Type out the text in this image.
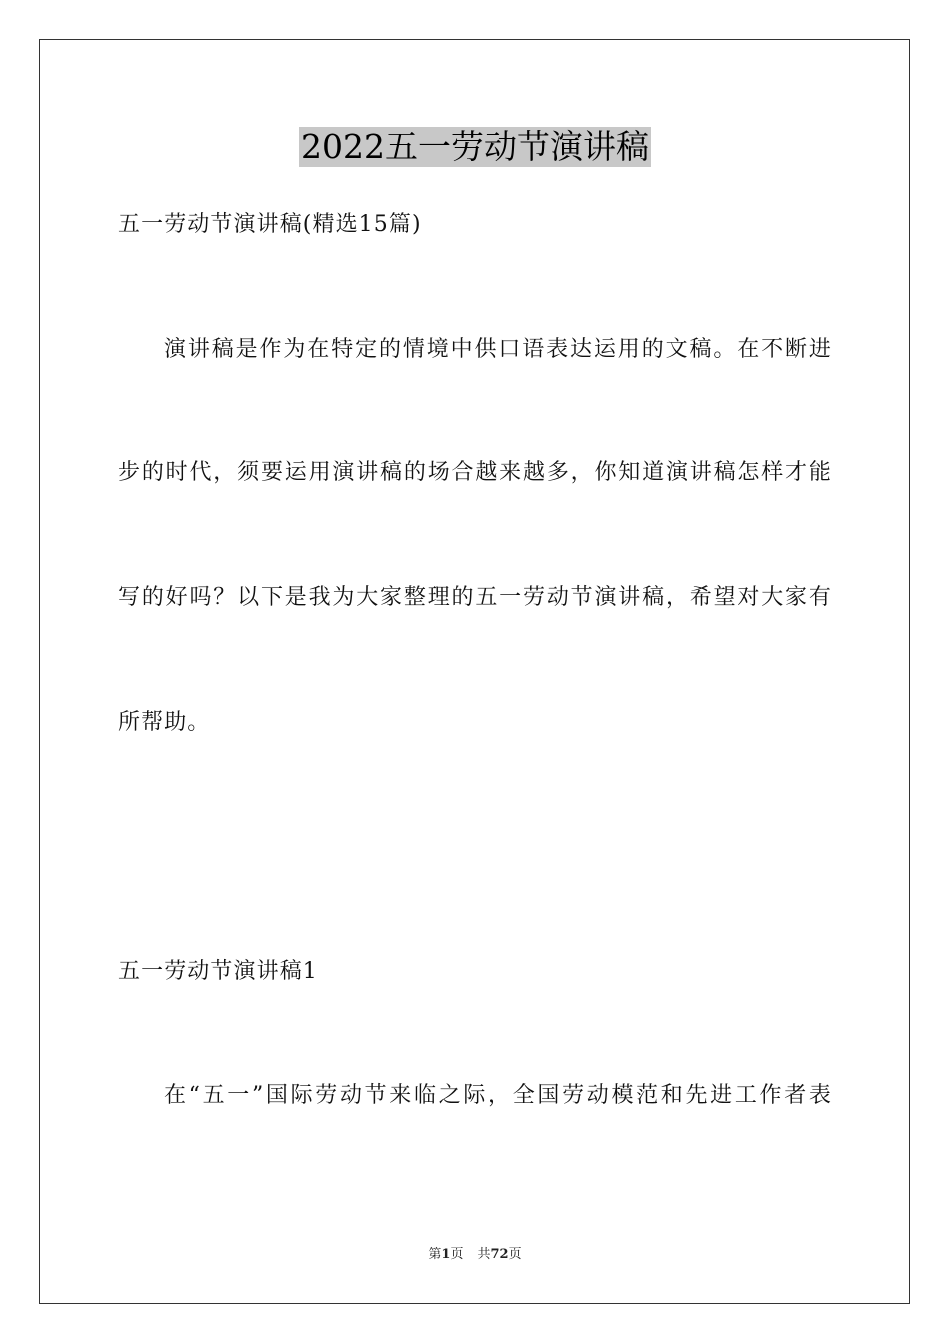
2022五一劳动节演讲稿
五一劳动节演讲稿(精选15篇)
演讲稿是作为在特定的情境中供口语表达运用的文稿。在不断进
步的时代，须要运用演讲稿的场合越来越多，你知道演讲稿怎样才能
写的好吗？以下是我为大家整理的五一劳动节演讲稿，希望对大家有
所帮助。
五一劳动节演讲稿1
在“五一”国际劳动节来临之际，全国劳动模范和先进工作者表
第1页 共72页
